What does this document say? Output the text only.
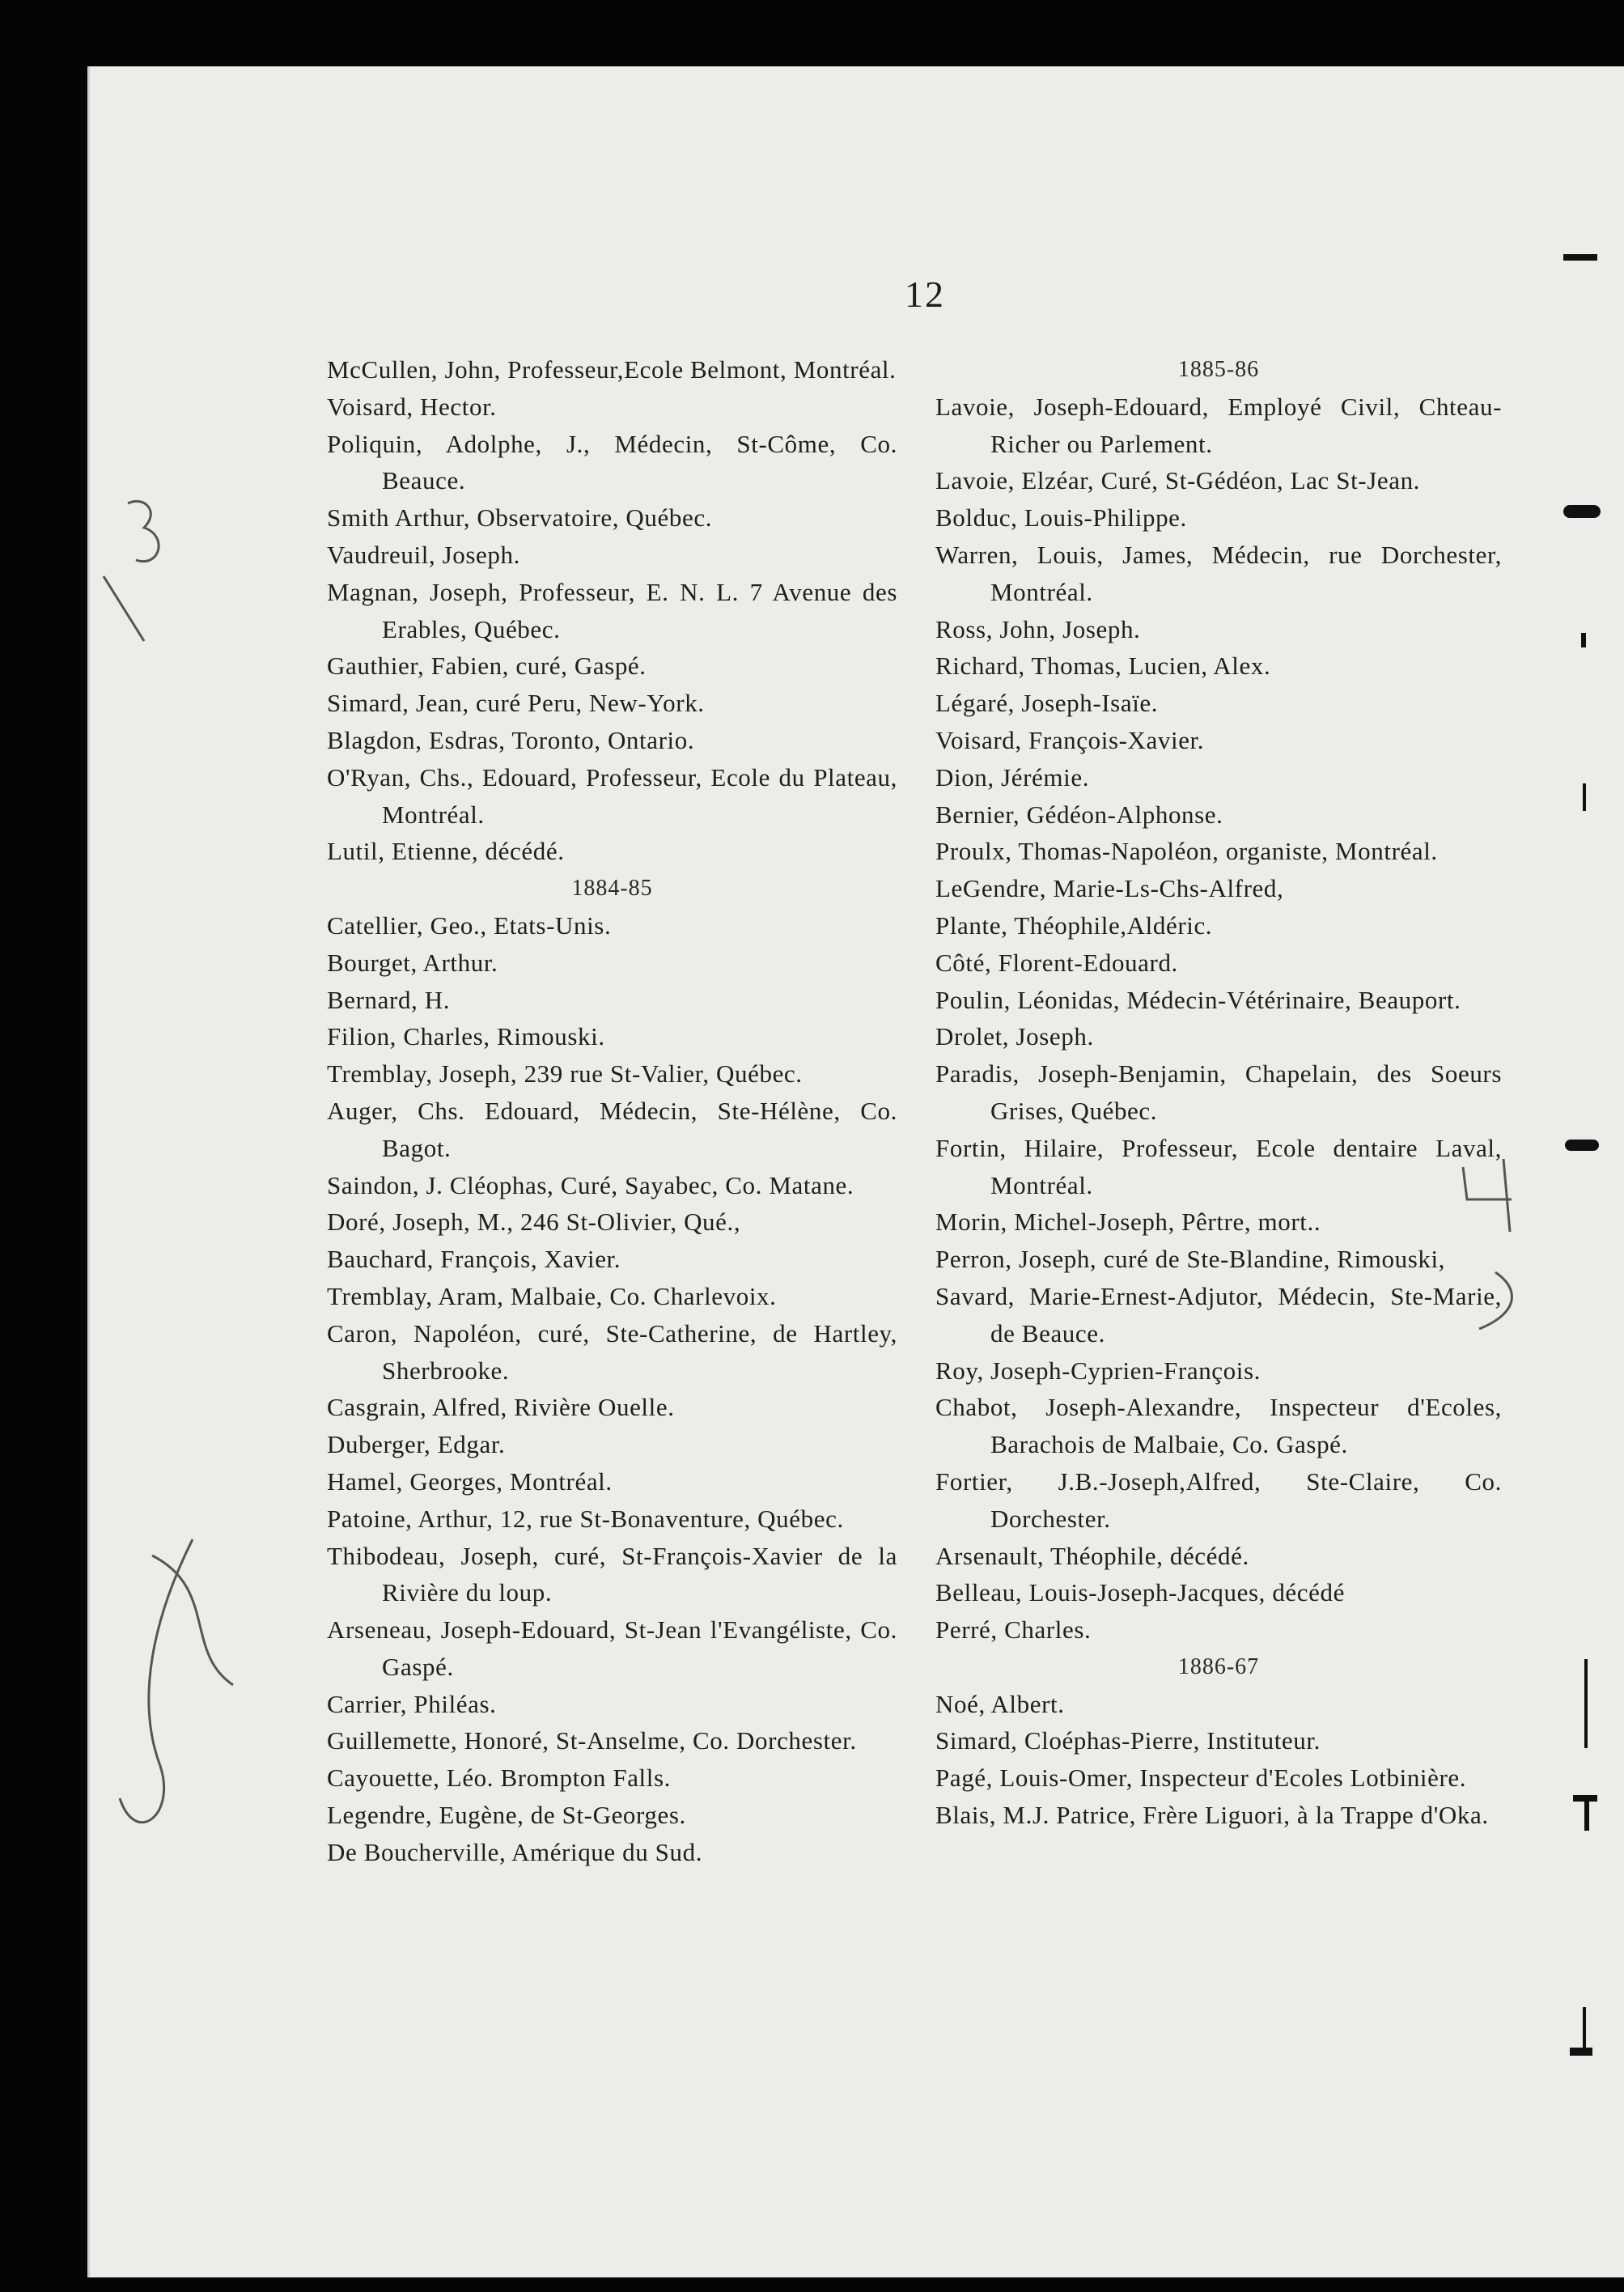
12
McCullen, John, Professeur,Ecole Belmont, Montréal.
Voisard, Hector.
Poliquin, Adolphe, J., Médecin, St-Côme, Co. Beauce.
Smith Arthur, Observatoire, Québec.
Vaudreuil, Joseph.
Magnan, Joseph, Professeur, E. N. L. 7 Avenue des Erables, Québec.
Gauthier, Fabien, curé, Gaspé.
Simard, Jean, curé Peru, New-York.
Blagdon, Esdras, Toronto, Ontario.
O'Ryan, Chs., Edouard, Professeur, Ecole du Plateau, Montréal.
Lutil, Etienne, décédé.
1884-85
Catellier, Geo., Etats-Unis.
Bourget, Arthur.
Bernard, H.
Filion, Charles, Rimouski.
Tremblay, Joseph, 239 rue St-Valier, Québec.
Auger, Chs. Edouard, Médecin, Ste-Hélène, Co. Bagot.
Saindon, J. Cléophas, Curé, Sayabec, Co. Matane.
Doré, Joseph, M., 246 St-Olivier, Qué.,
Bauchard, François, Xavier.
Tremblay, Aram, Malbaie, Co. Charlevoix.
Caron, Napoléon, curé, Ste-Catherine, de Hartley, Sherbrooke.
Casgrain, Alfred, Rivière Ouelle.
Duberger, Edgar.
Hamel, Georges, Montréal.
Patoine, Arthur, 12, rue St-Bonaventure, Québec.
Thibodeau, Joseph, curé, St-François-Xavier de la Rivière du loup.
Arseneau, Joseph-Edouard, St-Jean l'Evangéliste, Co. Gaspé.
Carrier, Philéas.
Guillemette, Honoré, St-Anselme, Co. Dorchester.
Cayouette, Léo. Brompton Falls.
Legendre, Eugène, de St-Georges.
De Boucherville, Amérique du Sud.
1885-86
Lavoie, Joseph-Edouard, Employé Civil, Chteau-Richer ou Parlement.
Lavoie, Elzéar, Curé, St-Gédéon, Lac St-Jean.
Bolduc, Louis-Philippe.
Warren, Louis, James, Médecin, rue Dorchester, Montréal.
Ross, John, Joseph.
Richard, Thomas, Lucien, Alex.
Légaré, Joseph-Isaïe.
Voisard, François-Xavier.
Dion, Jérémie.
Bernier, Gédéon-Alphonse.
Proulx, Thomas-Napoléon, organiste, Montréal.
LeGendre, Marie-Ls-Chs-Alfred,
Plante, Théophile,Aldéric.
Côté, Florent-Edouard.
Poulin, Léonidas, Médecin-Vétérinaire, Beauport.
Drolet, Joseph.
Paradis, Joseph-Benjamin, Chapelain, des Soeurs Grises, Québec.
Fortin, Hilaire, Professeur, Ecole dentaire Laval, Montréal.
Morin, Michel-Joseph, Pêrtre, mort..
Perron, Joseph, curé de Ste-Blandine, Rimouski,
Savard, Marie-Ernest-Adjutor, Médecin, Ste-Marie, de Beauce.
Roy, Joseph-Cyprien-François.
Chabot, Joseph-Alexandre, Inspecteur d'Ecoles, Barachois de Malbaie, Co. Gaspé.
Fortier, J.B.-Joseph,Alfred, Ste-Claire, Co. Dorchester.
Arsenault, Théophile, décédé.
Belleau, Louis-Joseph-Jacques, décédé
Perré, Charles.
1886-67
Noé, Albert.
Simard, Cloéphas-Pierre, Instituteur.
Pagé, Louis-Omer, Inspecteur d'Ecoles Lotbinière.
Blais, M.J. Patrice, Frère Liguori, à la Trappe d'Oka.
